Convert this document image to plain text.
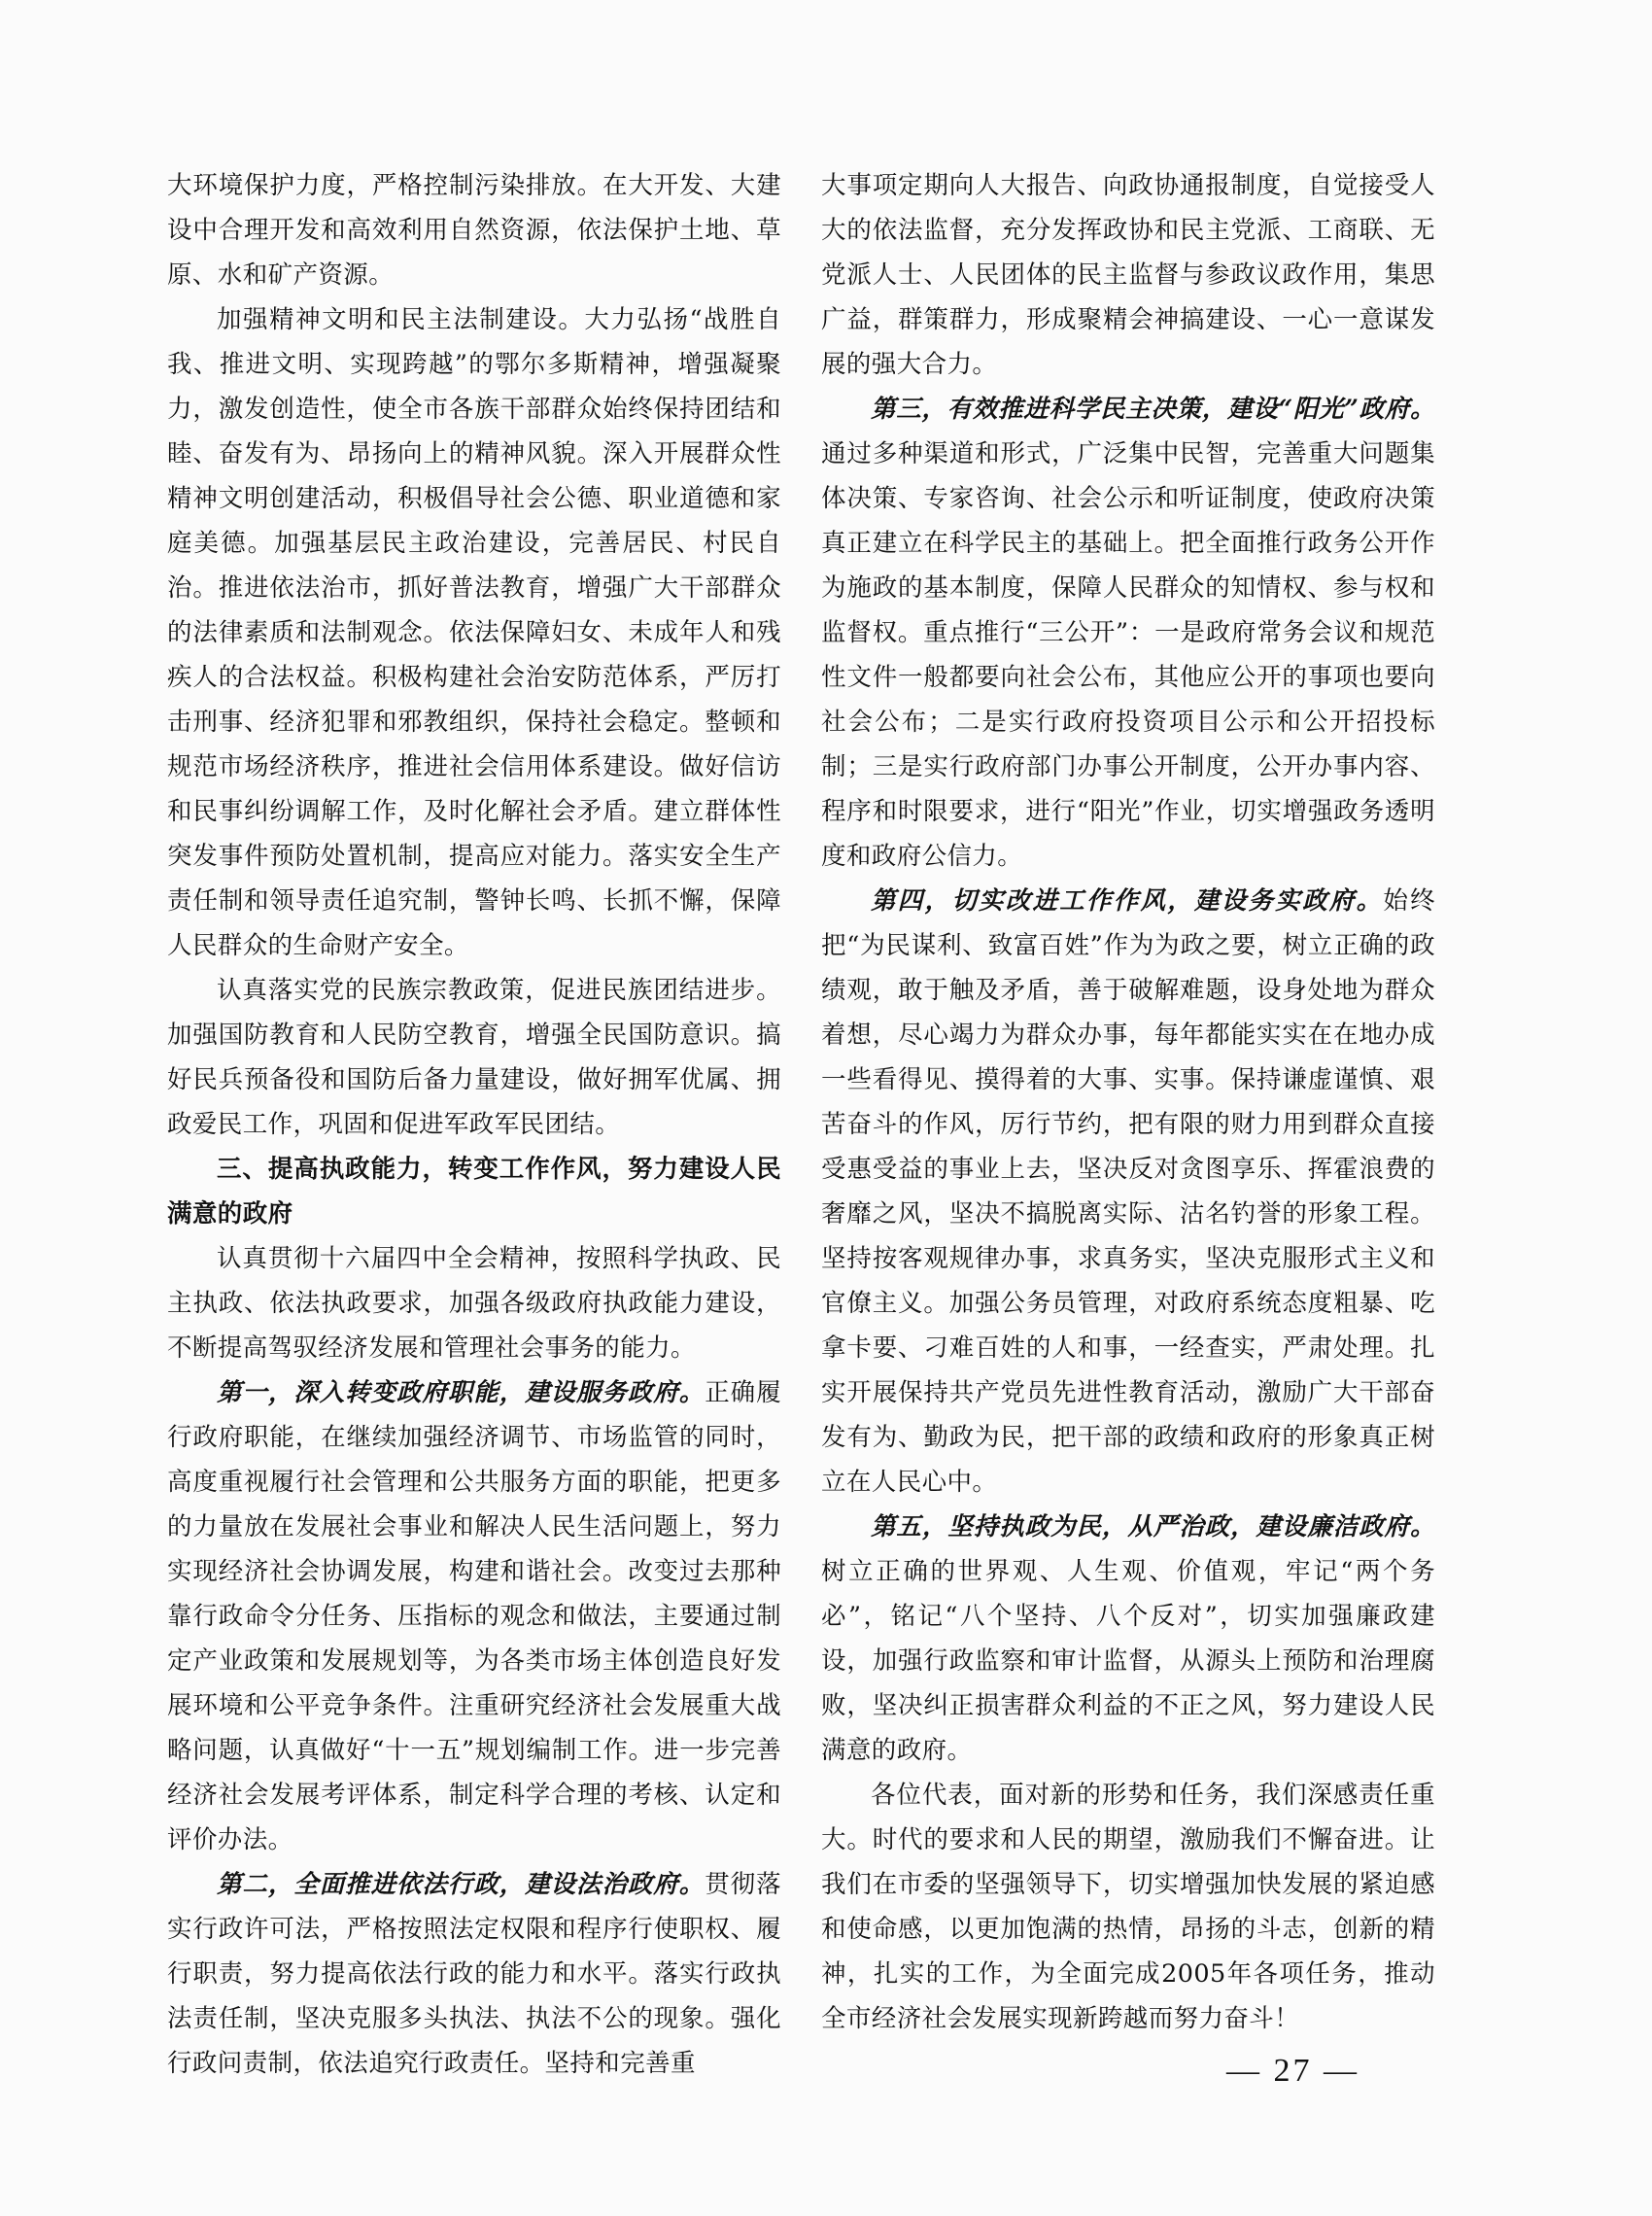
大环境保护力度，严格控制污染排放。在大开发、大建设中合理开发和高效利用自然资源，依法保护土地、草原、水和矿产资源。

加强精神文明和民主法制建设。大力弘扬“战胜自我、推进文明、实现跨越”的鄂尔多斯精神，增强凝聚力，激发创造性，使全市各族干部群众始终保持团结和睦、奋发有为、昂扬向上的精神风貌。深入开展群众性精神文明创建活动，积极倡导社会公德、职业道德和家庭美德。加强基层民主政治建设，完善居民、村民自治。推进依法治市，抓好普法教育，增强广大干部群众的法律素质和法制观念。依法保障妇女、未成年人和残疾人的合法权益。积极构建社会治安防范体系，严厉打击刑事、经济犯罪和邪教组织，保持社会稳定。整顿和规范市场经济秩序，推进社会信用体系建设。做好信访和民事纠纷调解工作，及时化解社会矛盾。建立群体性突发事件预防处置机制，提高应对能力。落实安全生产责任制和领导责任追究制，警钟长鸣、长抓不懈，保障人民群众的生命财产安全。

认真落实党的民族宗教政策，促进民族团结进步。加强国防教育和人民防空教育，增强全民国防意识。搞好民兵预备役和国防后备力量建设，做好拥军优属、拥政爱民工作，巩固和促进军政军民团结。

三、提高执政能力，转变工作作风，努力建设人民满意的政府

认真贯彻十六届四中全会精神，按照科学执政、民主执政、依法执政要求，加强各级政府执政能力建设，不断提高驾驭经济发展和管理社会事务的能力。

第一，深入转变政府职能，建设服务政府。正确履行政府职能，在继续加强经济调节、市场监管的同时，高度重视履行社会管理和公共服务方面的职能，把更多的力量放在发展社会事业和解决人民生活问题上，努力实现经济社会协调发展，构建和谐社会。改变过去那种靠行政命令分任务、压指标的观念和做法，主要通过制定产业政策和发展规划等，为各类市场主体创造良好发展环境和公平竞争条件。注重研究经济社会发展重大战略问题，认真做好“十一五”规划编制工作。进一步完善经济社会发展考评体系，制定科学合理的考核、认定和评价办法。

第二，全面推进依法行政，建设法治政府。贯彻落实行政许可法，严格按照法定权限和程序行使职权、履行职责，努力提高依法行政的能力和水平。落实行政执法责任制，坚决克服多头执法、执法不公的现象。强化行政问责制，依法追究行政责任。坚持和完善重

大事项定期向人大报告、向政协通报制度，自觉接受人大的依法监督，充分发挥政协和民主党派、工商联、无党派人士、人民团体的民主监督与参政议政作用，集思广益，群策群力，形成聚精会神搞建设、一心一意谋发展的强大合力。

第三，有效推进科学民主决策，建设“阳光”政府。通过多种渠道和形式，广泛集中民智，完善重大问题集体决策、专家咨询、社会公示和听证制度，使政府决策真正建立在科学民主的基础上。把全面推行政务公开作为施政的基本制度，保障人民群众的知情权、参与权和监督权。重点推行“三公开”：一是政府常务会议和规范性文件一般都要向社会公布，其他应公开的事项也要向社会公布；二是实行政府投资项目公示和公开招投标制；三是实行政府部门办事公开制度，公开办事内容、程序和时限要求，进行“阳光”作业，切实增强政务透明度和政府公信力。

第四，切实改进工作作风，建设务实政府。始终把“为民谋利、致富百姓”作为为政之要，树立正确的政绩观，敢于触及矛盾，善于破解难题，设身处地为群众着想，尽心竭力为群众办事，每年都能实实在在地办成一些看得见、摸得着的大事、实事。保持谦虚谨慎、艰苦奋斗的作风，厉行节约，把有限的财力用到群众直接受惠受益的事业上去，坚决反对贪图享乐、挥霍浪费的奢靡之风，坚决不搞脱离实际、沽名钓誉的形象工程。坚持按客观规律办事，求真务实，坚决克服形式主义和官僚主义。加强公务员管理，对政府系统态度粗暴、吃拿卡要、刁难百姓的人和事，一经查实，严肃处理。扎实开展保持共产党员先进性教育活动，激励广大干部奋发有为、勤政为民，把干部的政绩和政府的形象真正树立在人民心中。

第五，坚持执政为民，从严治政，建设廉洁政府。树立正确的世界观、人生观、价值观，牢记“两个务必”，铭记“八个坚持、八个反对”，切实加强廉政建设，加强行政监察和审计监督，从源头上预防和治理腐败，坚决纠正损害群众利益的不正之风，努力建设人民满意的政府。

各位代表，面对新的形势和任务，我们深感责任重大。时代的要求和人民的期望，激励我们不懈奋进。让我们在市委的坚强领导下，切实增强加快发展的紧迫感和使命感，以更加饱满的热情，昂扬的斗志，创新的精神，扎实的工作，为全面完成2005年各项任务，推动全市经济社会发展实现新跨越而努力奋斗！

— 27 —
